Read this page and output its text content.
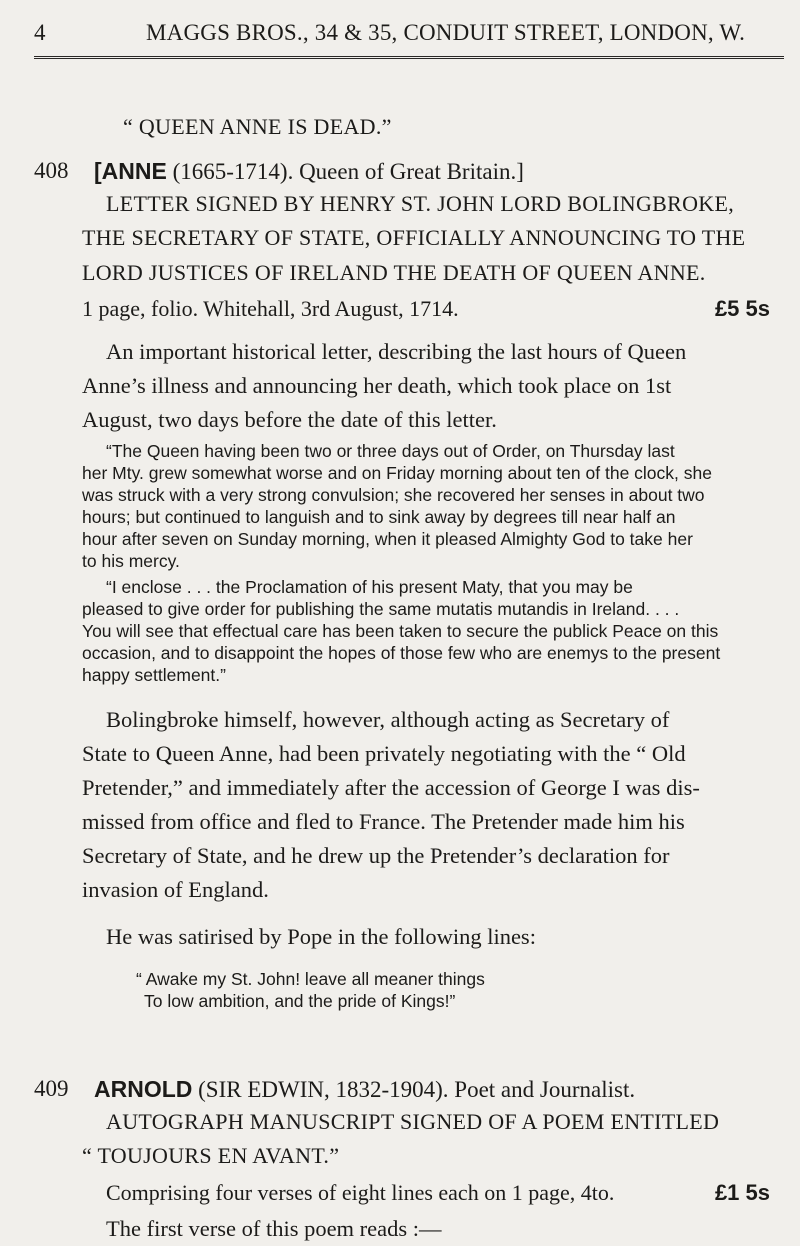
4	MAGGS BROS., 34 & 35, CONDUIT STREET, LONDON, W.
“ QUEEN ANNE IS DEAD.”
408 [ANNE (1665-1714). Queen of Great Britain.]
LETTER SIGNED BY HENRY ST. JOHN LORD BOLINGBROKE,
THE SECRETARY OF STATE, OFFICIALLY ANNOUNCING TO THE
LORD JUSTICES OF IRELAND THE DEATH OF QUEEN ANNE.
1 page, folio. Whitehall, 3rd August, 1714.	£5 5s

An important historical letter, describing the last hours of Queen

Anne’s illness and announcing her death, which took place on 1st

August, two days before the date of this letter.

“The Queen having been two or three days out of Order, on Thursday last

her Mty. grew somewhat worse and on Friday morning about ten of the clock, she

was struck with a very strong convulsion; she recovered her senses in about two

hours; but continued to languish and to sink away by degrees till near half an

hour after seven on Sunday morning, when it pleased Almighty God to take her

to his mercy.

“I enclose . . . the Proclamation of his present Maty, that you may be

pleased to give order for publishing the same mutatis mutandis in Ireland. . . .

You will see that effectual care has been taken to secure the publick Peace on this

occasion, and to disappoint the hopes of those few who are enemys to the present

happy settlement.”

Bolingbroke himself, however, although acting as Secretary of

State to Queen Anne, had been privately negotiating with the “ Old

Pretender,” and immediately after the accession of George I was dis-

missed from office and fled to France. The Pretender made him his

Secretary of State, and he drew up the Pretender’s declaration for

invasion of England.

He was satirised by Pope in the following lines:

“ Awake my St. John! leave all meaner things

To low ambition, and the pride of Kings!”

409 ARNOLD (SIR EDWIN, 1832-1904). Poet and Journalist.
AUTOGRAPH MANUSCRIPT SIGNED OF A POEM ENTITLED
“ TOUJOURS EN AVANT.”
Comprising four verses of eight lines each on 1 page, 4to.	£1 5s
The first verse of this poem reads :—
